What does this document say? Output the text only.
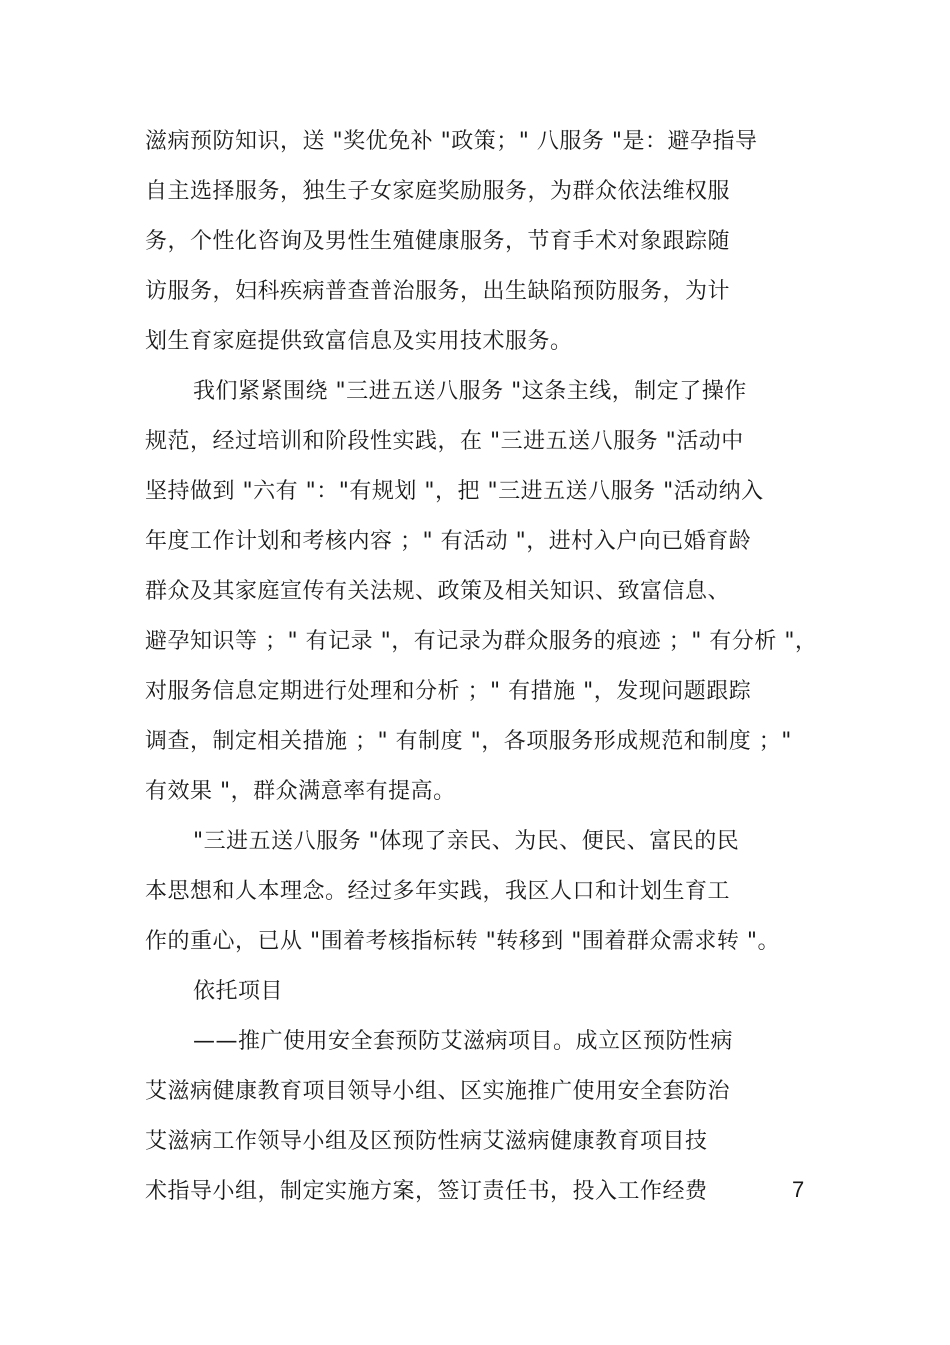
滋病预防知识，送 "奖优免补 "政策；" 八服务 "是：避孕指导
自主选择服务，独生子女家庭奖励服务，为群众依法维权服
务，个性化咨询及男性生殖健康服务，节育手术对象跟踪随
访服务，妇科疾病普查普治服务，出生缺陷预防服务，为计
划生育家庭提供致富信息及实用技术服务。
我们紧紧围绕 "三进五送八服务 "这条主线，制定了操作
规范，经过培训和阶段性实践，在 "三进五送八服务 "活动中
坚持做到 "六有 "："有规划 "，把 "三进五送八服务 "活动纳入
年度工作计划和考核内容 ；" 有活动 "，进村入户向已婚育龄
群众及其家庭宣传有关法规、政策及相关知识、致富信息、
避孕知识等 ；" 有记录 "，有记录为群众服务的痕迹 ；" 有分析 "，
对服务信息定期进行处理和分析 ；" 有措施 "，发现问题跟踪
调查，制定相关措施 ；" 有制度 "，各项服务形成规范和制度 ；"
有效果 "，群众满意率有提高。
"三进五送八服务 "体现了亲民、为民、便民、富民的民
本思想和人本理念。经过多年实践，我区人口和计划生育工
作的重心，已从 "围着考核指标转 "转移到 "围着群众需求转 "。
依托项目
——推广使用安全套预防艾滋病项目。成立区预防性病
艾滋病健康教育项目领导小组、区实施推广使用安全套防治
艾滋病工作领导小组及区预防性病艾滋病健康教育项目技
术指导小组，制定实施方案，签订责任书，投入工作经费	7
